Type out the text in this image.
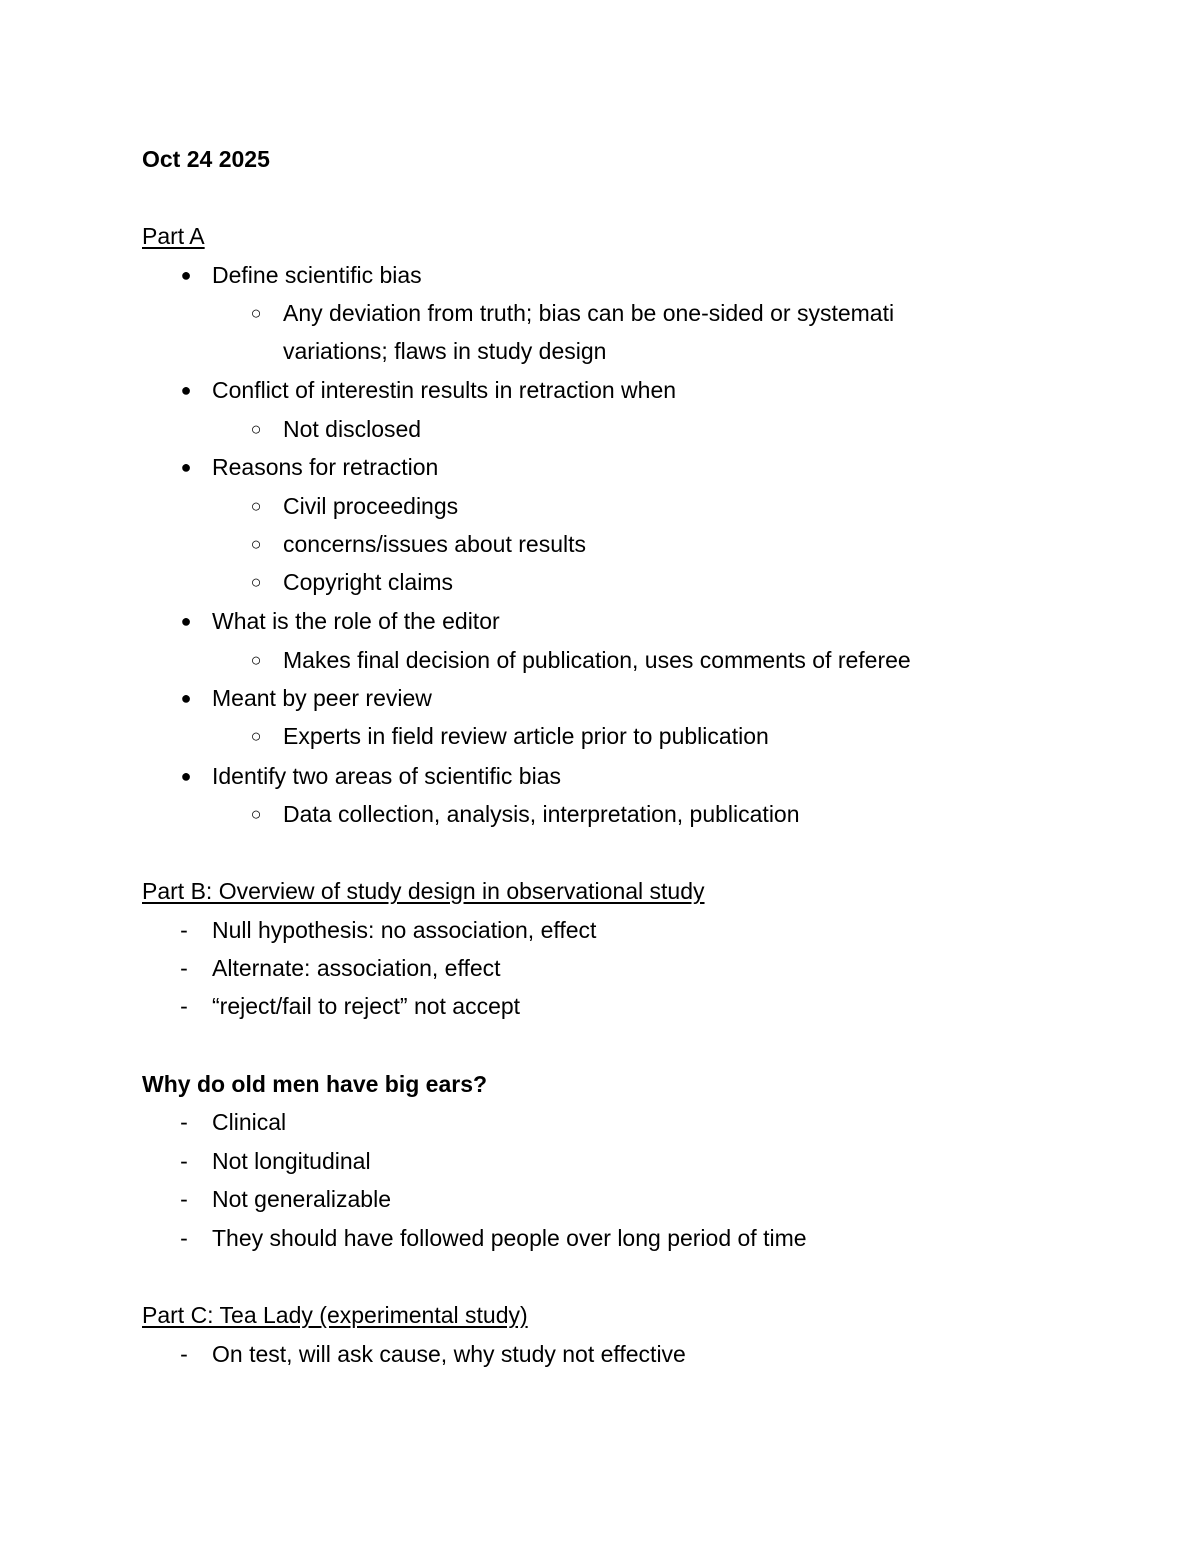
Oct 24 2025
Part A
● Define scientific bias
○ Any deviation from truth; bias can be one-sided or systemati
variations; flaws in study design
● Conflict of interestin results in retraction when
○ Not disclosed
● Reasons for retraction
○ Civil proceedings
○ concerns/issues about results
○ Copyright claims
● What is the role of the editor
○ Makes final decision of publication, uses comments of referee
● Meant by peer review
○ Experts in field review article prior to publication
● Identify two areas of scientific bias
○ Data collection, analysis, interpretation, publication
Part B: Overview of study design in observational study
- Null hypothesis: no association, effect
- Alternate: association, effect
- “reject/fail to reject” not accept
Why do old men have big ears?
- Clinical
- Not longitudinal
- Not generalizable
- They should have followed people over long period of time
Part C: Tea Lady (experimental study)
- On test, will ask cause, why study not effective
